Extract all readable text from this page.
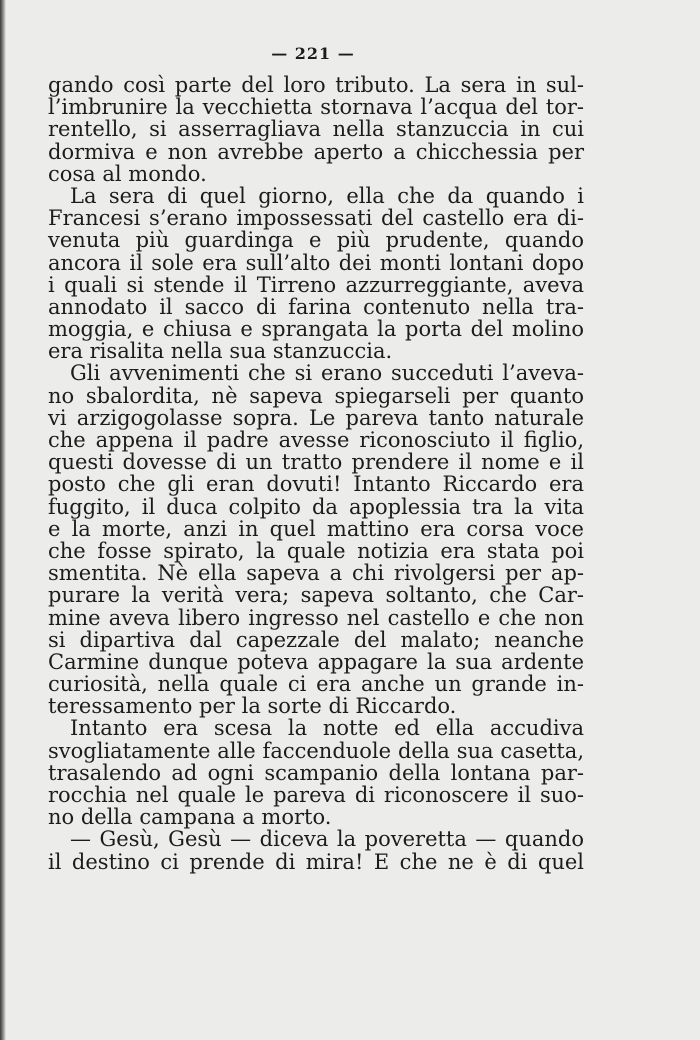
— 221 —
gando così parte del loro tributo. La sera in sul-
l’imbrunire la vecchietta stornava l’acqua del tor-
rentello, si asserragliava nella stanzuccia in cui
dormiva e non avrebbe aperto a chicchessia per
cosa al mondo.
La sera di quel giorno, ella che da quando i
Francesi s’erano impossessati del castello era di-
venuta più guardinga e più prudente, quando
ancora il sole era sull’alto dei monti lontani dopo
i quali si stende il Tirreno azzurreggiante, aveva
annodato il sacco di farina contenuto nella tra-
moggia, e chiusa e sprangata la porta del molino
era risalita nella sua stanzuccia.
Gli avvenimenti che si erano succeduti l’aveva-
no sbalordita, nè sapeva spiegarseli per quanto
vi arzigogolasse sopra. Le pareva tanto naturale
che appena il padre avesse riconosciuto il figlio,
questi dovesse di un tratto prendere il nome e il
posto che gli eran dovuti! Intanto Riccardo era
fuggito, il duca colpito da apoplessia tra la vita
e la morte, anzi in quel mattino era corsa voce
che fosse spirato, la quale notizia era stata poi
smentita. Nè ella sapeva a chi rivolgersi per ap-
purare la verità vera; sapeva soltanto, che Car-
mine aveva libero ingresso nel castello e che non
si dipartiva dal capezzale del malato; neanche
Carmine dunque poteva appagare la sua ardente
curiosità, nella quale ci era anche un grande in-
teressamento per la sorte di Riccardo.
Intanto era scesa la notte ed ella accudiva
svogliatamente alle faccenduole della sua casetta,
trasalendo ad ogni scampanio della lontana par-
rocchia nel quale le pareva di riconoscere il suo-
no della campana a morto.
— Gesù, Gesù — diceva la poveretta — quando
il destino ci prende di mira! E che ne è di quel
